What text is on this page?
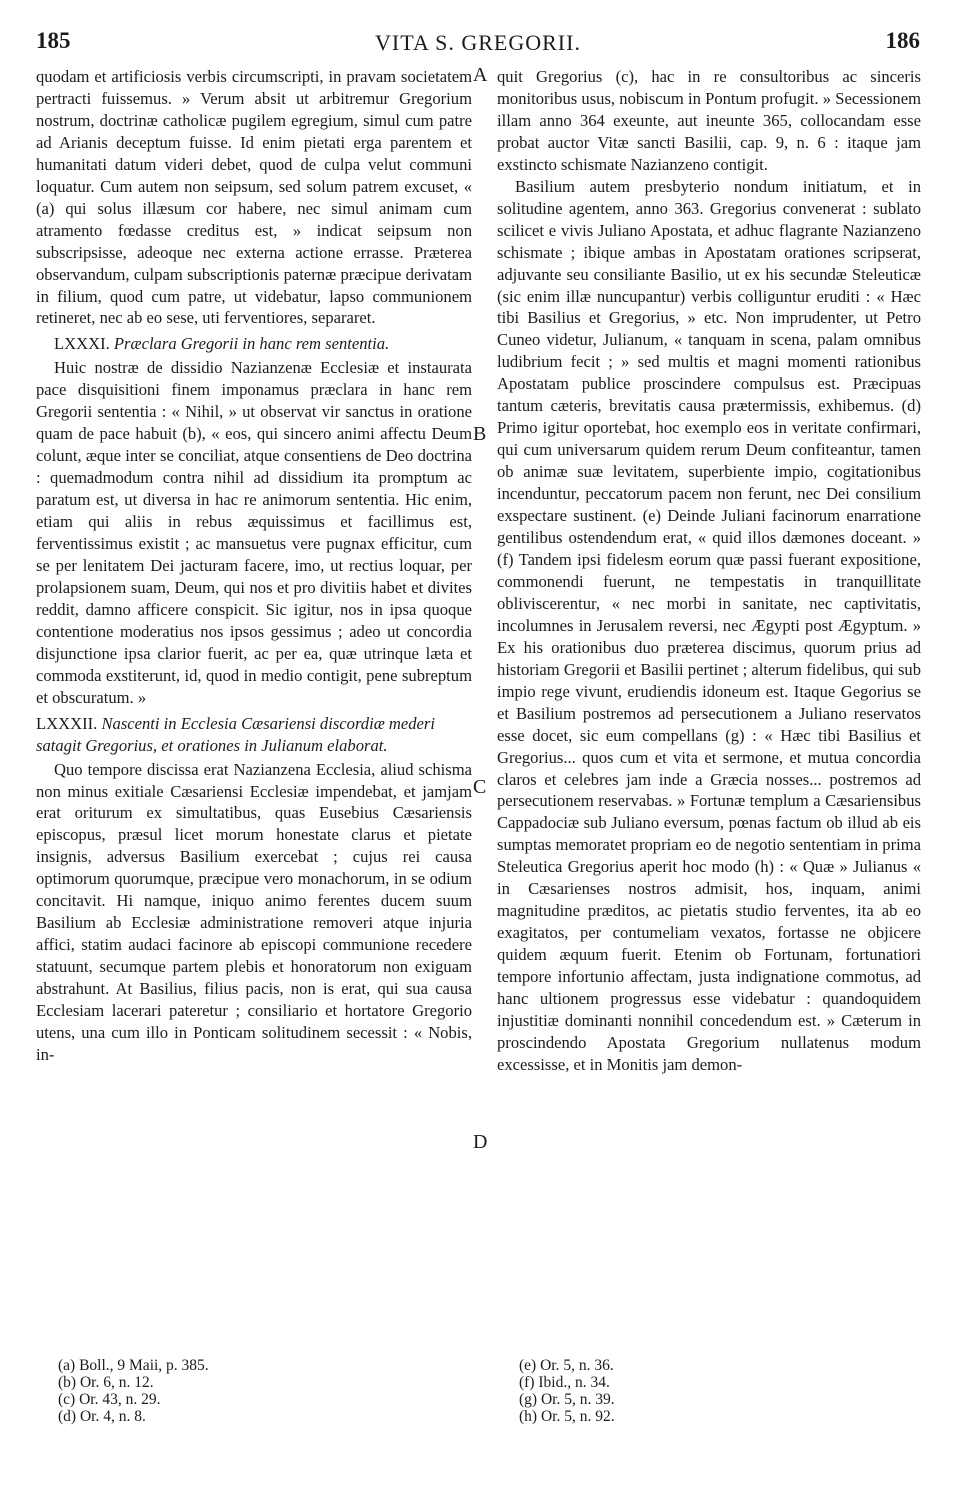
185	VITA S. GREGORII.	186

quodam et artificiosis verbis circumscripti, in pravam societatem pertracti fuissemus. » Verum absit ut arbitremur Gregorium nostrum, doctrinæ catholicæ pugilem egregium, simul cum patre ad Arianis deceptum fuisse. Id enim pietati erga parentem et humanitati datum videri debet, quod de culpa velut communi loquatur. Cum autem non seipsum, sed solum patrem excuset, « (a) qui solus illæsum cor habere, nec simul animam cum atramento fœdasse creditus est, » indicat seipsum non subscripsisse, adeoque nec externa actione errasse. Præterea observandum, culpam subscriptionis paternæ præcipue derivatam in filium, quod cum patre, ut videbatur, lapso communionem retineret, nec ab eo sese, uti ferventiores, separaret.

LXXXI. Præclara Gregorii in hanc rem sententia.

Huic nostræ de dissidio Nazianzenæ Ecclesiæ et instaurata pace disquisitioni finem imponamus præclara in hanc rem Gregorii sententia : « Nihil, » ut observat vir sanctus in oratione quam de pace habuit (b), « eos, qui sincero animi affectu Deum colunt, æque inter se conciliat, atque consentiens de Deo doctrina : quemadmodum contra nihil ad dissidium ita promptum ac paratum est, ut diversa in hac re animorum sententia. Hic enim, etiam qui aliis in rebus æquissimus et facillimus est, ferventissimus existit ; ac mansuetus vere pugnax efficitur, cum se per lenitatem Dei jacturam facere, imo, ut rectius loquar, per prolapsionem suam, Deum, qui nos et pro divitiis habet et divites reddit, damno afficere conspicit. Sic igitur, nos in ipsa quoque contentione moderatius nos ipsos gessimus ; adeo ut concordia disjunctione ipsa clarior fuerit, ac per ea, quæ utrinque læta et commoda exstiterunt, id, quod in medio contigit, pene subreptum et obscuratum. »

LXXXII. Nascenti in Ecclesia Cæsariensi discordiæ mederi satagit Gregorius, et orationes in Julianum elaborat.

Quo tempore discissa erat Nazianzena Ecclesia, aliud schisma non minus exitiale Cæsariensi Ecclesiæ impendebat, et jamjam erat oriturum ex simultatibus, quas Eusebius Cæsariensis episcopus, præsul licet morum honestate clarus et pietate insignis, adversus Basilium exercebat ; cujus rei causa optimorum quorumque, præcipue vero monachorum, in se odium concitavit. Hi namque, iniquo animo ferentes ducem suum Basilium ab Ecclesiæ administratione removeri atque injuria affici, statim audaci facinore ab episcopi communione recedere statuunt, secumque partem plebis et honoratorum non exiguam abstrahunt. At Basilius, filius pacis, non is erat, qui sua causa Ecclesiam lacerari pateretur ; consiliario et hortatore Gregorio utens, una cum illo in Ponticam solitudinem secessit : « Nobis, in-

quit Gregorius (c), hac in re consultoribus ac sinceris monitoribus usus, nobiscum in Pontum profugit. » Secessionem illam anno 364 exeunte, aut ineunte 365, collocandam esse probat auctor Vitæ sancti Basilii, cap. 9, n. 6 : itaque jam exstincto schismate Nazianzeno contigit.

Basilium autem presbyterio nondum initiatum, et in solitudine agentem, anno 363. Gregorius convenerat : sublato scilicet e vivis Juliano Apostata, et adhuc flagrante Nazianzeno schismate ; ibique ambas in Apostatam orationes scripserat, adjuvante seu consiliante Basilio, ut ex his secundæ Steleuticæ (sic enim illæ nuncupantur) verbis colliguntur eruditi : « Hæc tibi Basilius et Gregorius, » etc. Non imprudenter, ut Petro Cuneo videtur, Julianum, « tanquam in scena, palam omnibus ludibrium fecit ; » sed multis et magni momenti rationibus Apostatam publice proscindere compulsus est. Præcipuas tantum cæteris, brevitatis causa prætermissis, exhibemus. (d) Primo igitur oportebat, hoc exemplo eos in veritate confirmari, qui cum universarum quidem rerum Deum confiteantur, tamen ob animæ suæ levitatem, superbiente impio, cogitationibus incenduntur, peccatorum pacem non ferunt, nec Dei consilium exspectare sustinent. (e) Deinde Juliani facinorum enarratione gentilibus ostendendum erat, « quid illos dæmones doceant. » (f) Tandem ipsi fidelesm eorum quæ passi fuerant expositione, commonendi fuerunt, ne tempestatis in tranquillitate obliviscerentur, « nec morbi in sanitate, nec captivitatis, incolumnes in Jerusalem reversi, nec Ægypti post Ægyptum. » Ex his orationibus duo præterea discimus, quorum prius ad historiam Gregorii et Basilii pertinet ; alterum fidelibus, qui sub impio rege vivunt, erudiendis idoneum est. Itaque Gegorius se et Basilium postremos ad persecutionem a Juliano reservatos esse docet, sic eum compellans (g) : « Hæc tibi Basilius et Gregorius... quos cum et vita et sermone, et mutua concordia claros et celebres jam inde a Græcia nosses... postremos ad persecutionem reservabas. » Fortunæ templum a Cæsariensibus Cappadociæ sub Juliano eversum, pœnas factum ob illud ab eis sumptas memoratet propriam eo de negotio sententiam in prima Steleutica Gregorius aperit hoc modo (h) : « Quæ » Julianus « in Cæsarienses nostros admisit, hos, inquam, animi magnitudine præditos, ac pietatis studio ferventes, ita ab eo exagitatos, per contumeliam vexatos, fortasse ne objicere quidem æquum fuerit. Etenim ob Fortunam, fortunatiori tempore infortunio affectam, justa indignatione commotus, ad hanc ultionem progressus esse videbatur : quandoquidem injustitiæ dominanti nonnihil concedendum est. » Cæterum in proscindendo Apostata Gregorium nullatenus modum excessisse, et in Monitis jam demon-

A
B
C
D
(a) Boll., 9 Maii, p. 385.
(b) Or. 6, n. 12.
(c) Or. 43, n. 29.
(d) Or. 4, n. 8.
(e) Or. 5, n. 36.
(f) Ibid., n. 34.
(g) Or. 5, n. 39.
(h) Or. 5, n. 92.
